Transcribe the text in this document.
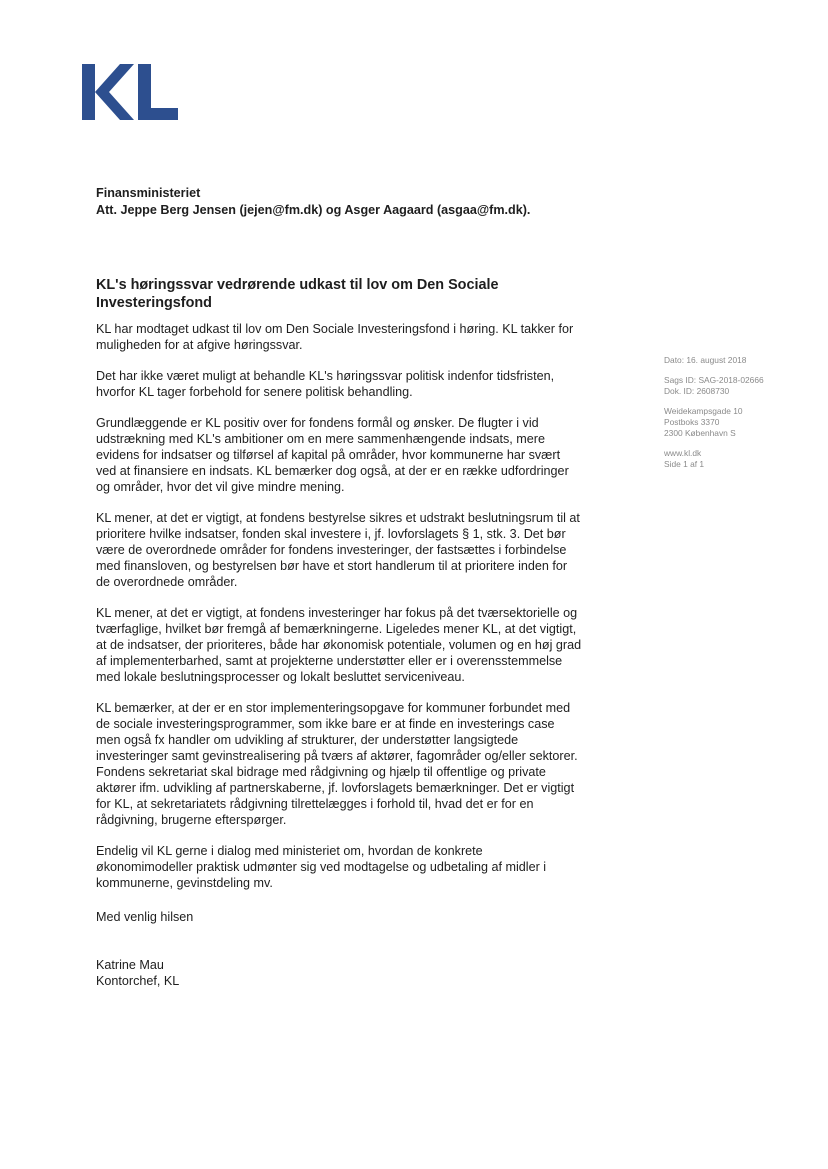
Finansministeriet
Att. Jeppe Berg Jensen (jejen@fm.dk) og Asger Aagaard (asgaa@fm.dk).
KL's høringssvar vedrørende udkast til lov om Den Sociale Investeringsfond

KL har modtaget udkast til lov om Den Sociale Investeringsfond i høring. KL takker for muligheden for at afgive høringssvar.

Det har ikke været muligt at behandle KL's høringssvar politisk indenfor tidsfristen, hvorfor KL tager forbehold for senere politisk behandling.

Grundlæggende er KL positiv over for fondens formål og ønsker. De flugter i vid udstrækning med KL's ambitioner om en mere sammenhængende indsats, mere evidens for indsatser og tilførsel af kapital på områder, hvor kommunerne har svært ved at finansiere en indsats. KL bemærker dog også, at der er en række udfordringer og områder, hvor det vil give mindre mening.

KL mener, at det er vigtigt, at fondens bestyrelse sikres et udstrakt beslutningsrum til at prioritere hvilke indsatser, fonden skal investere i, jf. lovforslagets § 1, stk. 3. Det bør være de overordnede områder for fondens investeringer, der fastsættes i forbindelse med finansloven, og bestyrelsen bør have et stort handlerum til at prioritere inden for de overordnede områder.

KL mener, at det er vigtigt, at fondens investeringer har fokus på det tværsektorielle og tværfaglige, hvilket bør fremgå af bemærkningerne. Ligeledes mener KL, at det vigtigt, at de indsatser, der prioriteres, både har økonomisk potentiale, volumen og en høj grad af implementerbarhed, samt at projekterne understøtter eller er i overensstemmelse med lokale beslutningsprocesser og lokalt besluttet serviceniveau.

KL bemærker, at der er en stor implementeringsopgave for kommuner forbundet med de sociale investeringsprogrammer, som ikke bare er at finde en investerings case men også fx handler om udvikling af strukturer, der understøtter langsigtede investeringer samt gevinstrealisering på tværs af aktører, fagområder og/eller sektorer. Fondens sekretariat skal bidrage med rådgivning og hjælp til offentlige og private aktører ifm. udvikling af partnerskaberne, jf. lovforslagets bemærkninger. Det er vigtigt for KL, at sekretariatets rådgivning tilrettelægges i forhold til, hvad det er for en rådgivning, brugerne efterspørger.

Endelig vil KL gerne i dialog med ministeriet om, hvordan de konkrete økonomimodeller praktisk udmønter sig ved modtagelse og udbetaling af midler i kommunerne, gevinstdeling mv.

Med venlig hilsen
Katrine Mau
Kontorchef, KL
Dato: 16. august 2018
Sags ID: SAG-2018-02666
Dok. ID: 2608730
Weidekampsgade 10
Postboks 3370
2300 København S
www.kl.dk
Side 1 af 1
